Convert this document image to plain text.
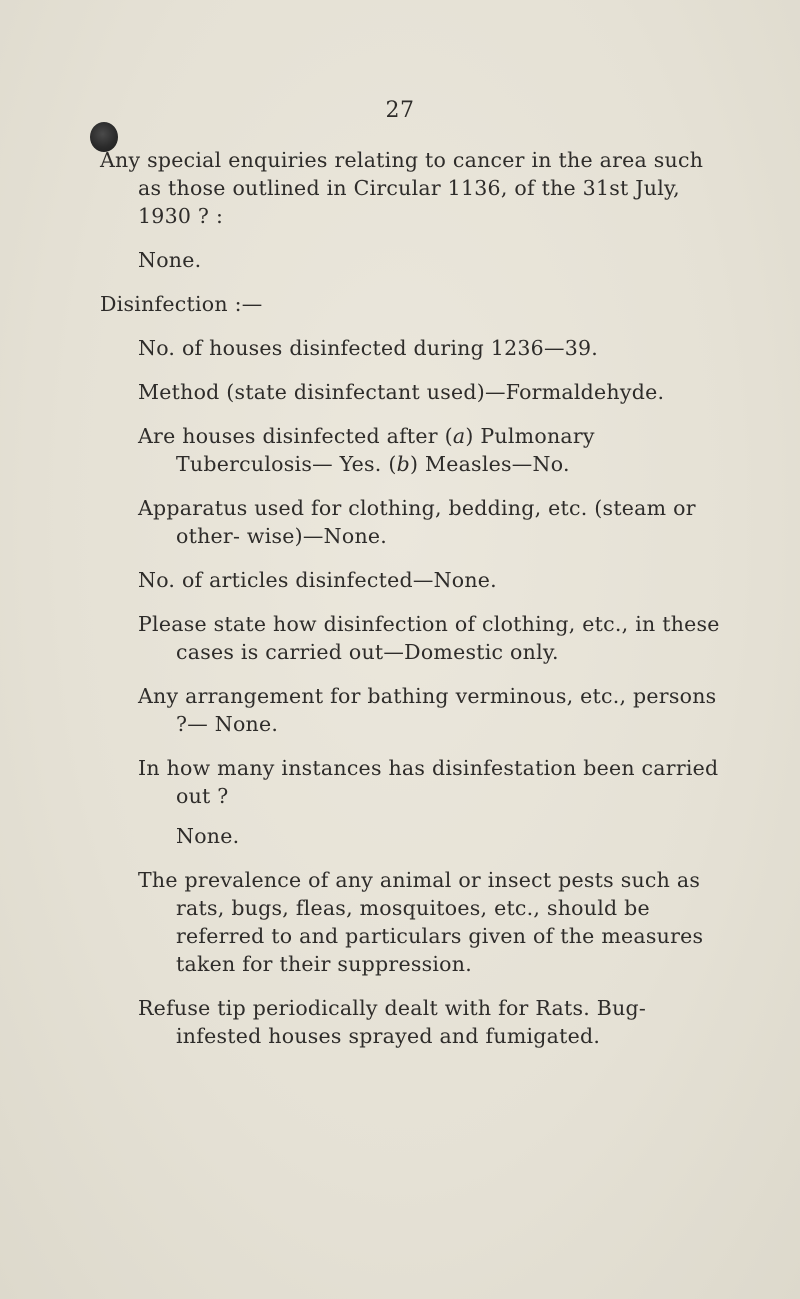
27

Any special enquiries relating to cancer in the area such as those outlined in Circular 1136, of the 31st July, 1930 ? :

None.

Disinfection :—

No. of houses disinfected during 1236—39.

Method (state disinfectant used)—Formaldehyde.

Are houses disinfected after (a) Pulmonary Tuberculosis— Yes. (b) Measles—No.

Apparatus used for clothing, bedding, etc. (steam or other- wise)—None.

No. of articles disinfected—None.

Please state how disinfection of clothing, etc., in these cases is carried out—Domestic only.

Any arrangement for bathing verminous, etc., persons ?— None.

In how many instances has disinfestation been carried out ?

None.

The prevalence of any animal or insect pests such as rats, bugs, fleas, mosquitoes, etc., should be referred to and particulars given of the measures taken for their suppression.

Refuse tip periodically dealt with for Rats. Bug- infested houses sprayed and fumigated.
